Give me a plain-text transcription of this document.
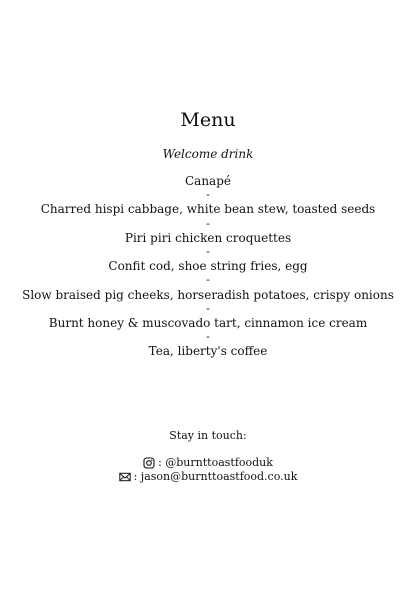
Menu
Welcome drink
Canapé
-
Charred hispi cabbage, white bean stew, toasted seeds
-
Piri piri chicken croquettes
-
Confit cod, shoe string fries, egg
-
Slow braised pig cheeks, horseradish potatoes, crispy onions
-
Burnt honey & muscovado tart, cinnamon ice cream
-
Tea, liberty's coffee
Stay in touch:
: @burnttoastfooduk
: jason@burnttoastfood.co.uk
